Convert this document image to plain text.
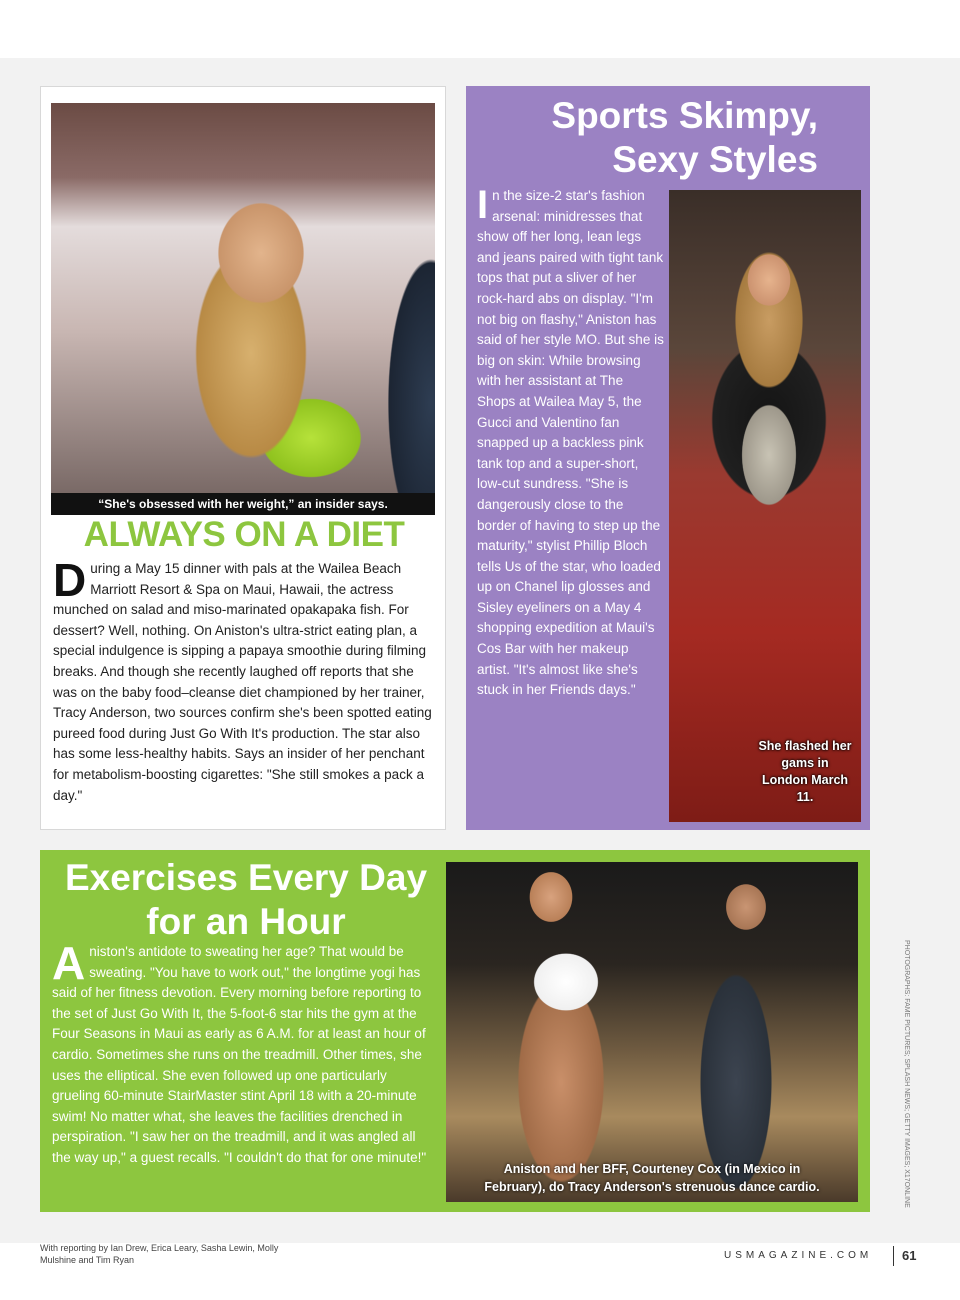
“She's obsessed with her weight,” an insider says.
ALWAYS ON A DIET

During a May 15 dinner with pals at the Wailea Beach Marriott Resort & Spa on Maui, Hawaii, the actress munched on salad and miso-marinated opakapaka fish. For dessert? Well, nothing. On Aniston's ultra-strict eating plan, a special indulgence is sipping a papaya smoothie during filming breaks. And though she recently laughed off reports that she was on the baby food–cleanse diet championed by her trainer, Tracy Anderson, two sources confirm she's been spotted eating pureed food during Just Go With It's production. The star also has some less-healthy habits. Says an insider of her penchant for metabolism-boosting cigarettes: "She still smokes a pack a day."

Sports Skimpy, Sexy Styles

In the size-2 star's fashion arsenal: minidresses that show off her long, lean legs and jeans paired with tight tank tops that put a sliver of her rock-hard abs on display. "I'm not big on flashy," Aniston has said of her style MO. But she is big on skin: While browsing with her assistant at The Shops at Wailea May 5, the Gucci and Valentino fan snapped up a backless pink tank top and a super-short, low-cut sundress. "She is dangerously close to the border of having to step up the maturity," stylist Phillip Bloch tells Us of the star, who loaded up on Chanel lip glosses and Sisley eyeliners on a May 4 shopping expedition at Maui's Cos Bar with her makeup artist. "It's almost like she's stuck in her Friends days."

She flashed her gams in London March 11.
Exercises Every Day for an Hour

Aniston's antidote to sweating her age? That would be sweating. "You have to work out," the longtime yogi has said of her fitness devotion. Every morning before reporting to the set of Just Go With It, the 5-foot-6 star hits the gym at the Four Seasons in Maui as early as 6 A.M. for at least an hour of cardio. Sometimes she runs on the treadmill. Other times, she uses the elliptical. She even followed up one particularly grueling 60-minute StairMaster stint April 18 with a 20-minute swim! No matter what, she leaves the facilities drenched in perspiration. "I saw her on the treadmill, and it was angled all the way up," a guest recalls. "I couldn't do that for one minute!"

Aniston and her BFF, Courteney Cox (in Mexico in
February), do Tracy Anderson's strenuous dance cardio.	PHOTOGRAPHS: FAME PICTURES; SPLASH NEWS; GETTY IMAGES; X17ONLINE

With reporting by Ian Drew, Erica Leary, Sasha Lewin, Molly Mulshine and Tim Ryan	USMAGAZINE.COM 61
